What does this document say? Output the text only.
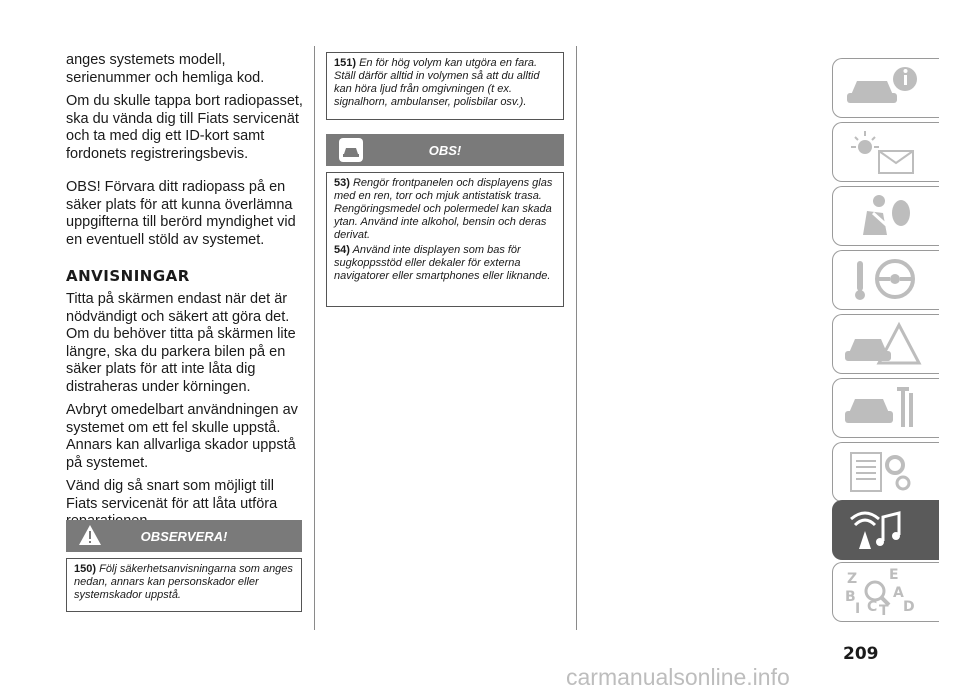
anges systemets modell, serienummer och hemliga kod.

Om du skulle tappa bort radiopasset, ska du vända dig till Fiats servicenät och ta med dig ett ID-kort samt fordonets registreringsbevis.

OBS! Förvara ditt radiopass på en säker plats för att kunna överlämna uppgifterna till berörd myndighet vid en eventuell stöld av systemet.

ANVISNINGAR

Titta på skärmen endast när det är nödvändigt och säkert att göra det. Om du behöver titta på skärmen lite längre, ska du parkera bilen på en säker plats för att inte låta dig distraheras under körningen.

Avbryt omedelbart användningen av systemet om ett fel skulle uppstå. Annars kan allvarliga skador uppstå på systemet.

Vänd dig så snart som möjligt till Fiats servicenät för att låta utföra

OBSERVERA!

150) Följ säkerhetsanvisningarna som anges nedan, annars kan personskador eller systemskador uppstå.

151) En för hög volym kan utgöra en fara. Ställ därför alltid in volymen så att du alltid kan höra ljud från omgivningen (t ex. signalhorn, ambulanser, polisbilar osv.).

OBS!

53) Rengör frontpanelen och displayens glas med en ren, torr och mjuk antistatisk trasa. Rengöringsmedel och polermedel kan skada ytan. Använd inte alkohol, bensin och deras derivat.

54) Använd inte displayen som bas för sugkoppsstöd eller dekaler för externa navigatorer eller smartphones eller liknande.

Z E
B	A
C T D
I
209
carmanualsonline.info
